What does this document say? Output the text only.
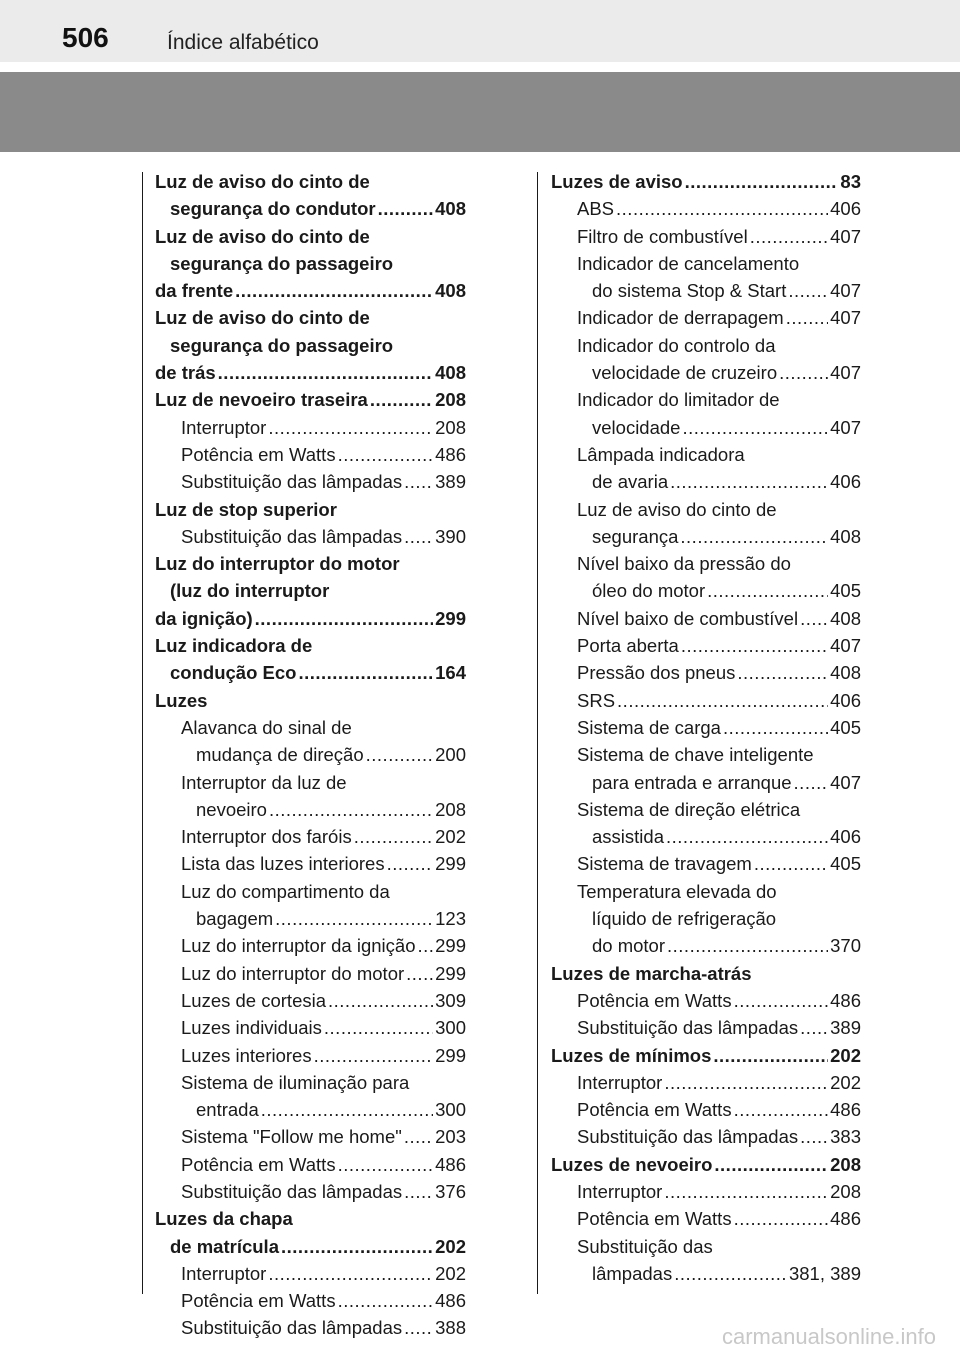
506	Índice alfabético
Luz de aviso do cinto de
segurança do condutor .....	408
Luz de aviso do cinto de
segurança do passageiro
da frente .....	408
Luz de aviso do cinto de
segurança do passageiro
de trás .....	408
Luz de nevoeiro traseira .....	208
Interruptor .....	208
Potência em Watts .....	486
Substituição das lâmpadas ..... 389
Luz de stop superior
Substituição das lâmpadas ..... 390
Luz do interruptor do motor
(luz do interruptor
da ignição) .....	299
Luz indicadora de
condução Eco .....	164
Luzes
Alavanca do sinal de
mudança de direção .....	200
Interruptor da luz de
nevoeiro .....	208
Interruptor dos faróis .....	202
Lista das luzes interiores .....	299
Luz do compartimento da
bagagem .....	123
Luz do interruptor da ignição ..... 299
Luz do interruptor do motor ..... 299
Luzes de cortesia .....	309
Luzes individuais .....	300
Luzes interiores .....	299
Sistema de iluminação para
entrada .....	300
Sistema "Follow me home" ..... 203
Potência em Watts .....	486
Substituição das lâmpadas ..... 376
Luzes da chapa
de matrícula .....	202
Interruptor .....	202
Potência em Watts .....	486
Substituição das lâmpadas ..... 388
Luzes de aviso .....	83
ABS .....	406
Filtro de combustível .....	407
Indicador de cancelamento
do sistema Stop & Start ..... 407
Indicador de derrapagem .....	407
Indicador do controlo da
velocidade de cruzeiro .....	407
Indicador do limitador de
velocidade .....	407
Lâmpada indicadora
de avaria .....	406
Luz de aviso do cinto de
segurança .....	408
Nível baixo da pressão do
óleo do motor .....	405
Nível baixo de combustível ..... 408
Porta aberta .....	407
Pressão dos pneus .....	408
SRS .....	406
Sistema de carga .....	405
Sistema de chave inteligente
para entrada e arranque ..... 407
Sistema de direção elétrica
assistida .....	406
Sistema de travagem .....	405
Temperatura elevada do
líquido de refrigeração
do motor .....	370
Luzes de marcha-atrás
Potência em Watts .....	486
Substituição das lâmpadas ..... 389
Luzes de mínimos .....	202
Interruptor .....	202
Potência em Watts .....	486
Substituição das lâmpadas ..... 383
Luzes de nevoeiro .....	208
Interruptor .....	208
Potência em Watts .....	486
Substituição das
lâmpadas .....	381, 389
carmanualsonline.info
